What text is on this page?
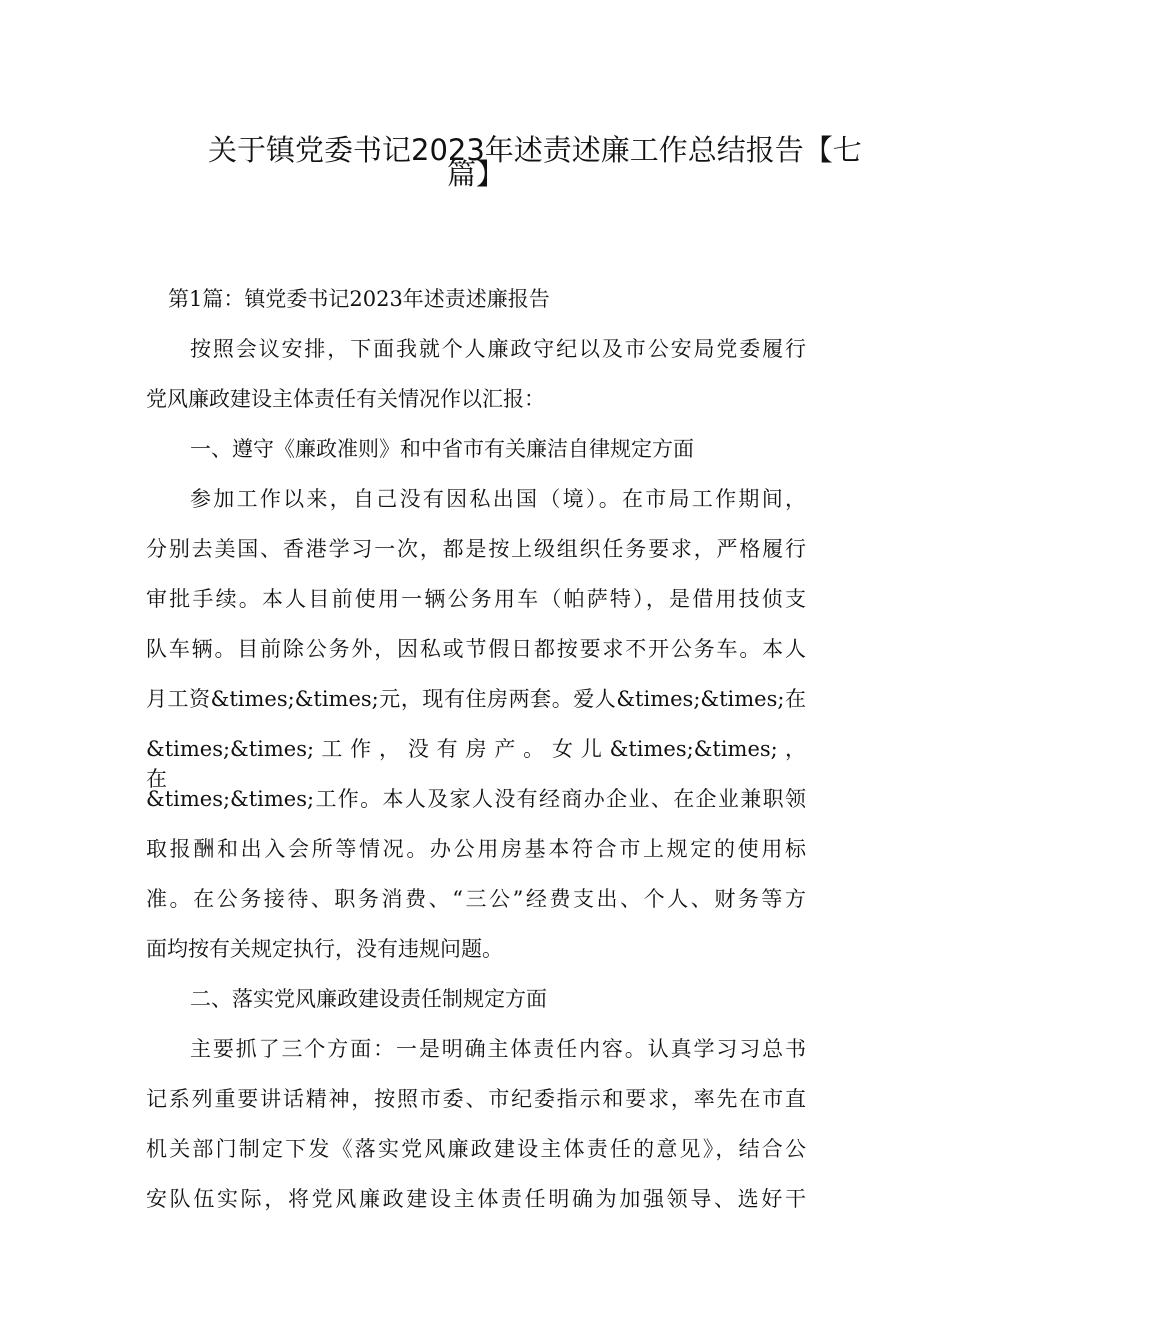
关于镇党委书记2023年述责述廉工作总结报告【七
篇】
第1篇：镇党委书记2023年述责述廉报告
按照会议安排，下面我就个人廉政守纪以及市公安局党委履行
党风廉政建设主体责任有关情况作以汇报：
一、遵守《廉政准则》和中省市有关廉洁自律规定方面
参加工作以来，自己没有因私出国（境）。在市局工作期间，
分别去美国、香港学习一次，都是按上级组织任务要求，严格履行
审批手续。本人目前使用一辆公务用车（帕萨特），是借用技侦支
队车辆。目前除公务外，因私或节假日都按要求不开公务车。本人
月工资&times;&times;元，现有住房两套。爱人&times;&times;在
&times;&times; 工 作 ， 没 有 房 产 。 女 儿 &times;&times; ， 在
&times;&times;工作。本人及家人没有经商办企业、在企业兼职领
取报酬和出入会所等情况。办公用房基本符合市上规定的使用标
准。在公务接待、职务消费、“三公”经费支出、个人、财务等方
面均按有关规定执行，没有违规问题。
二、落实党风廉政建设责任制规定方面
主要抓了三个方面：一是明确主体责任内容。认真学习习总书
记系列重要讲话精神，按照市委、市纪委指示和要求，率先在市直
机关部门制定下发《落实党风廉政建设主体责任的意见》，结合公
安队伍实际，将党风廉政建设主体责任明确为加强领导、选好干
